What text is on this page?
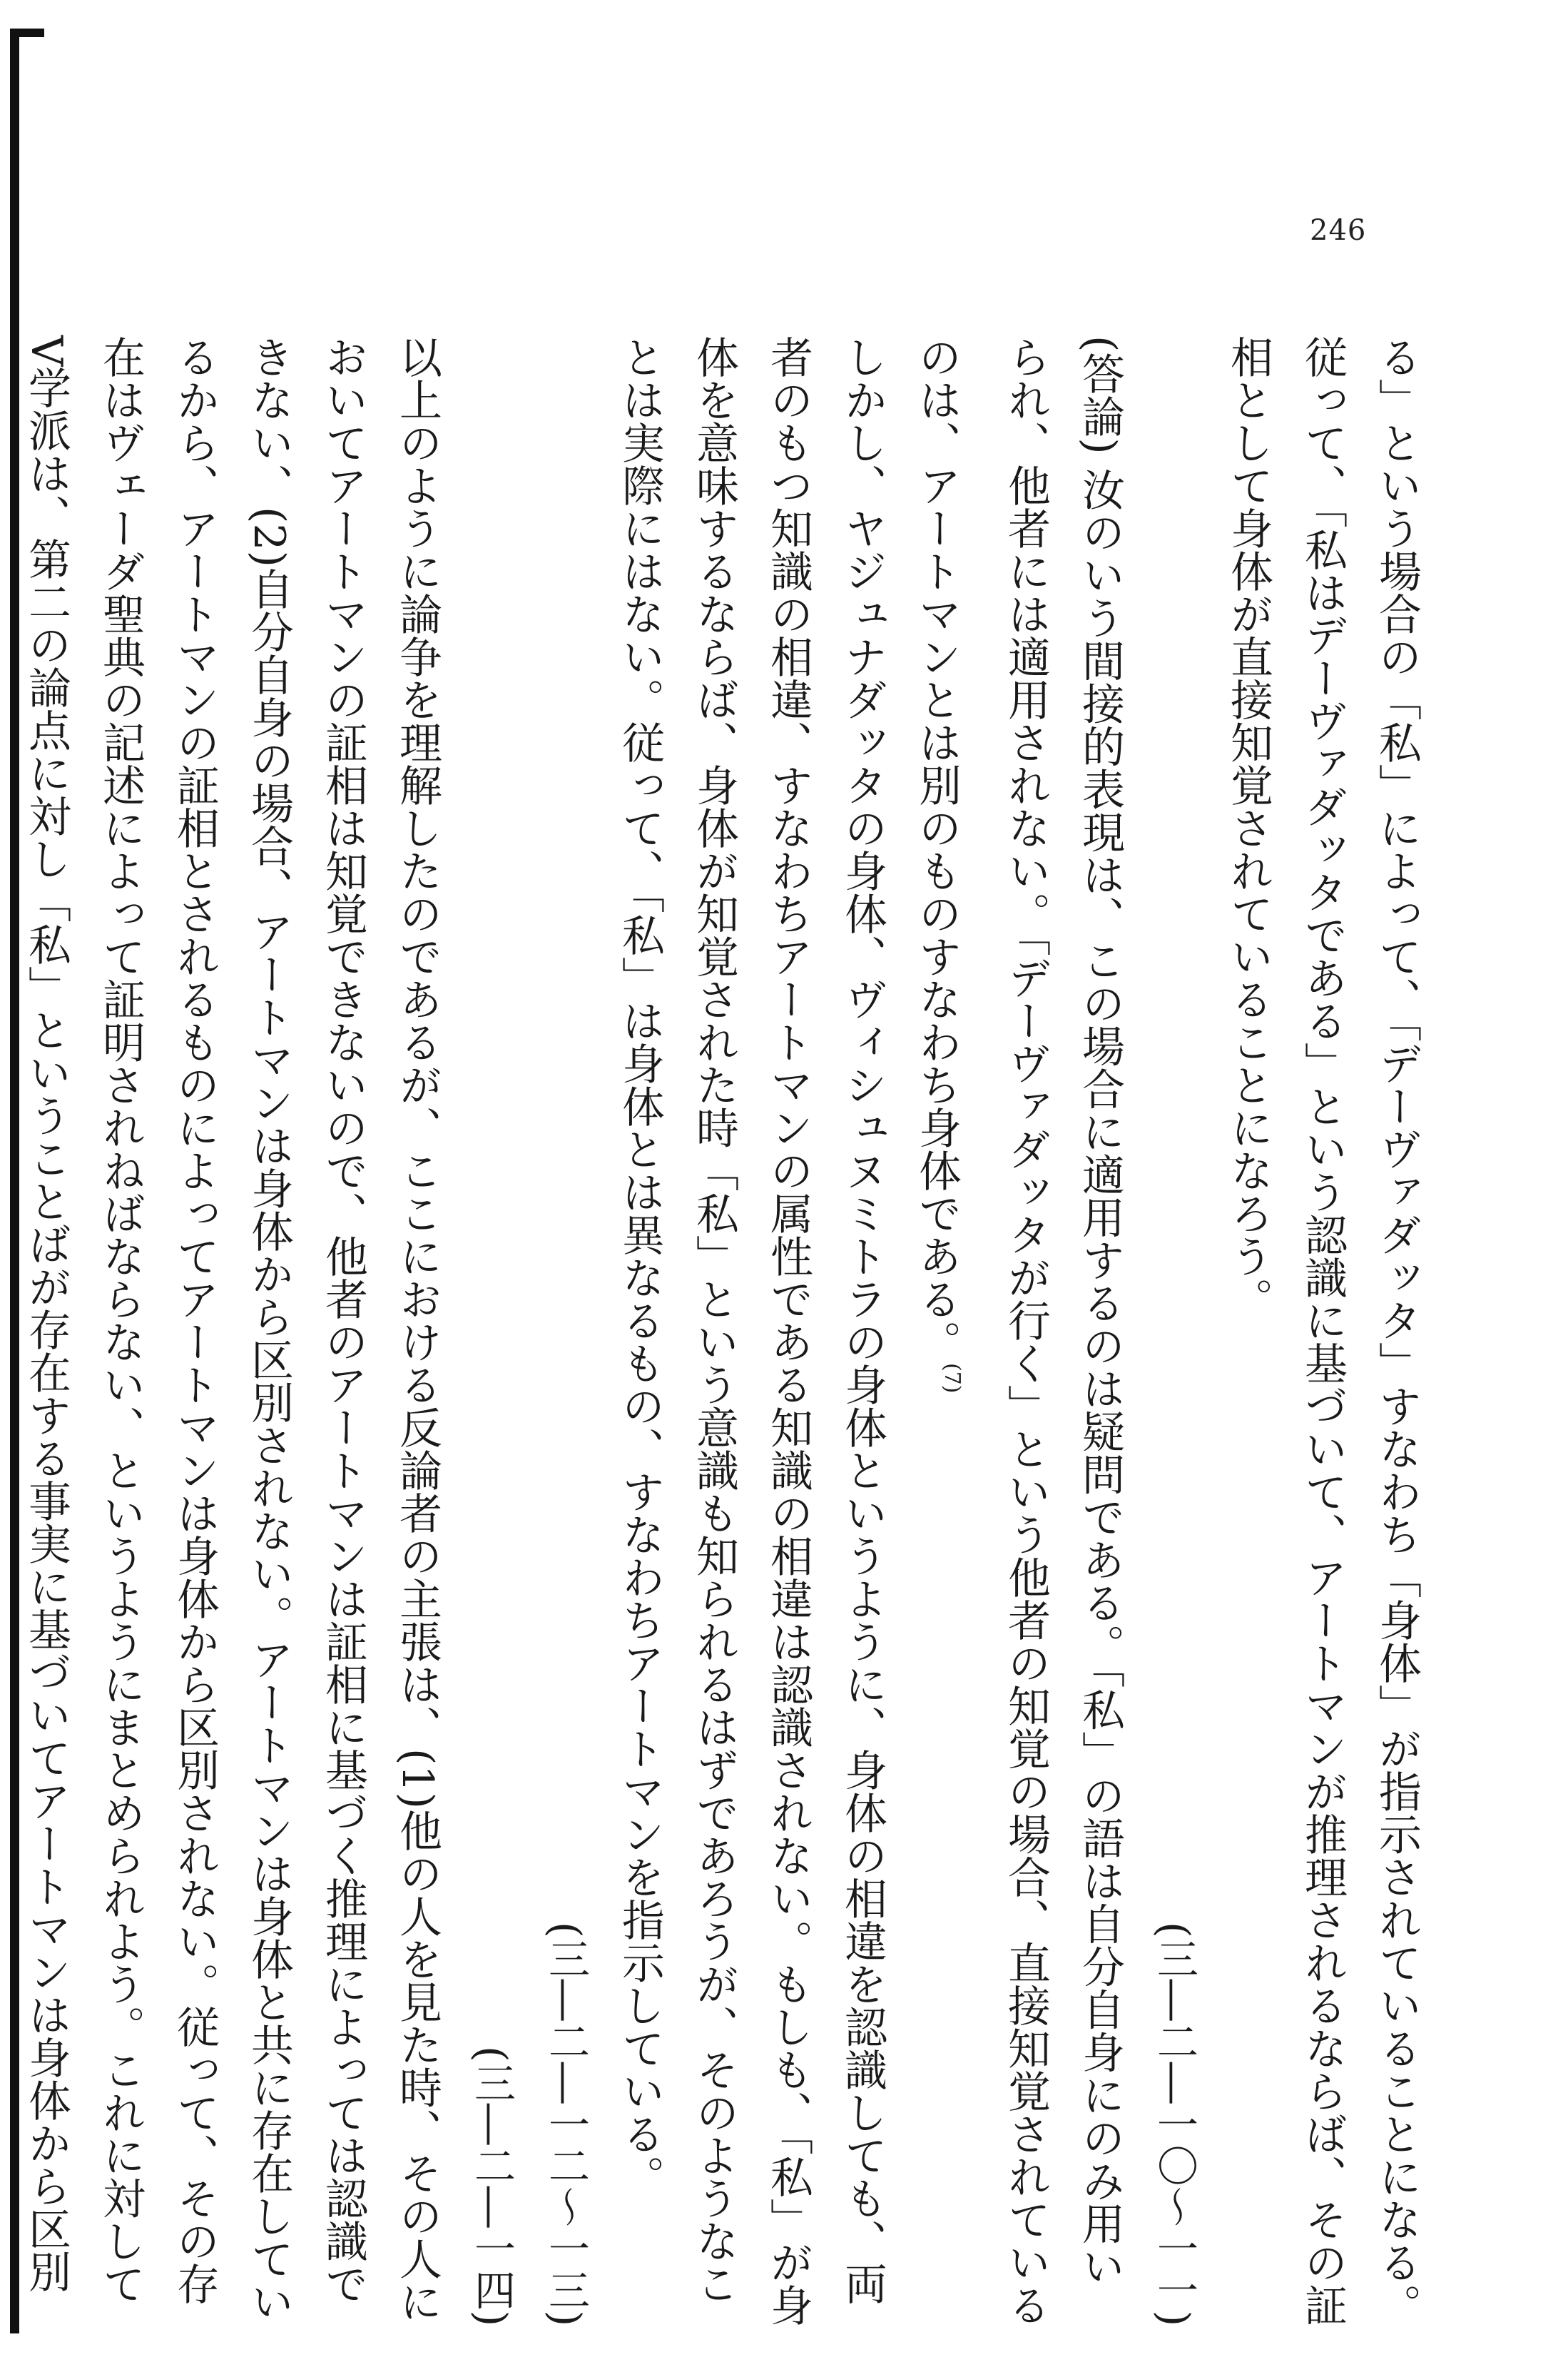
246

る」という場合の「私」によって、「デーヴァダッタ」すなわち「身体」が指示されていることになる。従って、「私はデーヴァダッタである」という認識に基づいて、アートマンが推理されるならば、その証相として身体が直接知覚されていることになろう。
(三―二―一〇～一一)

(答論) 汝のいう間接的表現は、この場合に適用するのは疑問である。「私」の語は自分自身にのみ用いられ、他者には適用されない。「デーヴァダッタが行く」という他者の知覚の場合、直接知覚されているのは、アートマンとは別のものすなわち身体である。$^{(7)}$

しかし、ヤジュナダッタの身体、ヴィシュヌミトラの身体というように、身体の相違を認識しても、両者のもつ知識の相違、すなわちアートマンの属性である知識の相違は認識されない。もしも、「私」が身体を意味するならば、身体が知覚された時「私」という意識も知られるはずであろうが、そのようなことは実際にはない。従って、「私」は身体とは異なるもの、すなわちアートマンを指示している。
(三―二―一二～一三)

(三―二―一四)
以上のように論争を理解したのであるが、ここにおける反論者の主張は、(1)他の人を見た時、その人においてアートマンの証相は知覚できないので、他者のアートマンは証相に基づく推理によっては認識できない、(2)自分自身の場合、アートマンは身体から区別されない。アートマンは身体と共に存在しているから、アートマンの証相とされるものによってアートマンは身体から区別されない。従って、その存在はヴェーダ聖典の記述によって証明されねばならない、というようにまとめられよう。これに対してV学派は、第二の論点に対し「私」ということばが存在する事実に基づいてアートマンは身体から区別
